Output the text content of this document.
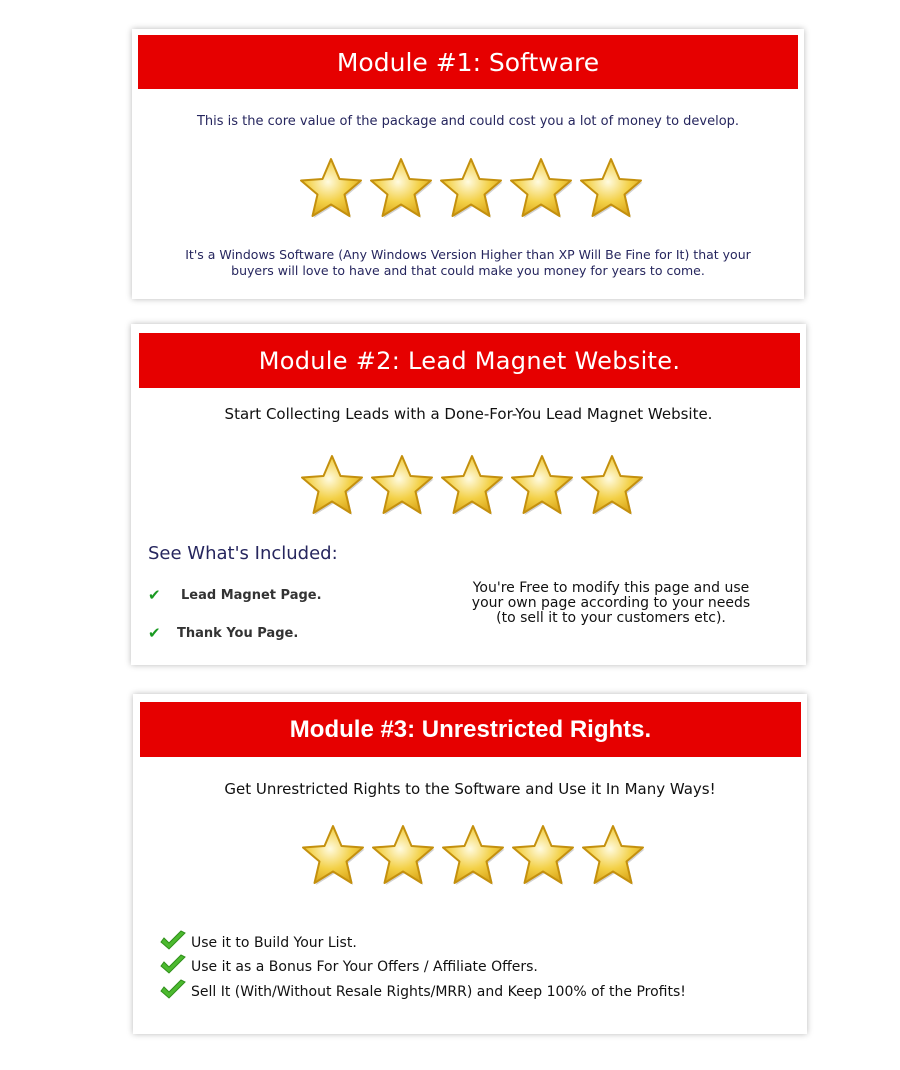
Module #1: Software
This is the core value of the package and could cost you a lot of money to develop.
It's a Windows Software (Any Windows Version Higher than XP Will Be Fine for It) that your
buyers will love to have and that could make you money for years to come.
Module #2: Lead Magnet Website.
Start Collecting Leads with a Done-For-You Lead Magnet Website.
See What's Included:
✔	Lead Magnet Page.
✔	Thank You Page.
You're Free to modify this page and use
your own page according to your needs
(to sell it to your customers etc).
Module #3: Unrestricted Rights.
Get Unrestricted Rights to the Software and Use it In Many Ways!
Use it to Build Your List.
Use it as a Bonus For Your Offers / Affiliate Offers.
Sell It (With/Without Resale Rights/MRR) and Keep 100% of the Profits!
